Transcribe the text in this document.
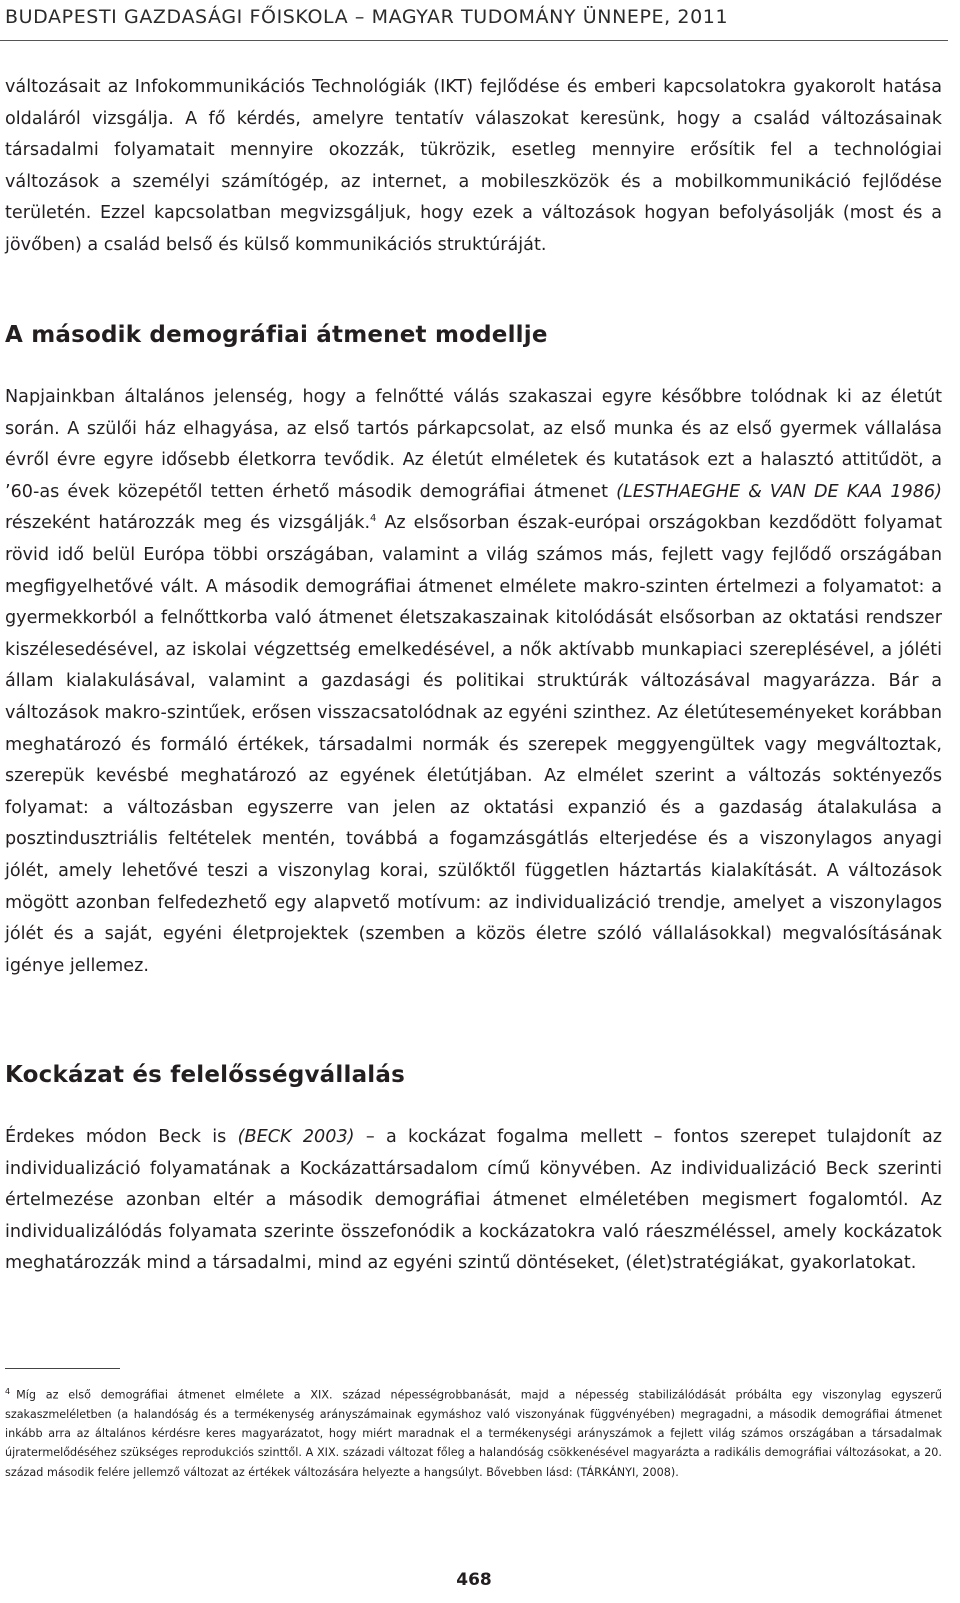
BUDAPESTI GAZDASÁGI FŐISKOLA – MAGYAR TUDOMÁNY ÜNNEPE, 2011

változásait az Infokommunikációs Technológiák (IKT) fejlődése és emberi kapcsolatokra gyakorolt hatása oldaláról vizsgálja. A fő kérdés, amelyre tentatív válaszokat keresünk, hogy a család változásainak társadalmi folyamatait mennyire okozzák, tükrözik, esetleg mennyire erősítik fel a technológiai változások a személyi számítógép, az internet, a mobileszközök és a mobilkommunikáció fejlődése területén. Ezzel kapcsolatban megvizsgáljuk, hogy ezek a változások hogyan befolyásolják (most és a jövőben) a család belső és külső kommunikációs struktúráját.

A második demográfiai átmenet modellje

Napjainkban általános jelenség, hogy a felnőtté válás szakaszai egyre későbbre tolódnak ki az életút során. A szülői ház elhagyása, az első tartós párkapcsolat, az első munka és az első gyermek vállalása évről évre egyre idősebb életkorra tevődik. Az életút elméletek és kutatások ezt a halasztó attitűdöt, a ’60-as évek közepétől tetten érhető második demográfiai átmenet (LESTHAEGHE & VAN DE KAA 1986) részeként határozzák meg és vizsgálják.$^4$ Az elsősorban észak-európai országokban kezdődött folyamat rövid idő belül Európa többi országában, valamint a világ számos más, fejlett vagy fejlődő országában megfigyelhetővé vált. A második demográfiai átmenet elmélete makro-szinten értelmezi a folyamatot: a gyermekkorból a felnőttkorba való átmenet életszakaszainak kitolódását elsősorban az oktatási rendszer kiszélesedésével, az iskolai végzettség emelkedésével, a nők aktívabb munkapiaci szereplésével, a jóléti állam kialakulásával, valamint a gazdasági és politikai struktúrák változásával magyarázza. Bár a változások makro-szintűek, erősen visszacsatolódnak az egyéni szinthez. Az életúteseményeket korábban meghatározó és formáló értékek, társadalmi normák és szerepek meggyengültek vagy megváltoztak, szerepük kevésbé meghatározó az egyének életútjában. Az elmélet szerint a változás soktényezős folyamat: a változásban egyszerre van jelen az oktatási expanzió és a gazdaság átalakulása a posztindusztriális feltételek mentén, továbbá a fogamzásgátlás elterjedése és a viszonylagos anyagi jólét, amely lehetővé teszi a viszonylag korai, szülőktől független háztartás kialakítását. A változások mögött azonban felfedezhető egy alapvető motívum: az individualizáció trendje, amelyet a viszonylagos jólét és a saját, egyéni életprojektek (szemben a közös életre szóló vállalásokkal) megvalósításának igénye jellemez.

Kockázat és felelősségvállalás

Érdekes módon Beck is (BECK 2003) – a kockázat fogalma mellett – fontos szerepet tulajdonít az individualizáció folyamatának a Kockázattársadalom című könyvében. Az individualizáció Beck szerinti értelmezése azonban eltér a második demográfiai átmenet elméletében megismert fogalomtól. Az individualizálódás folyamata szerinte összefonódik a kockázatokra való ráeszméléssel, amely kockázatok meghatározzák mind a társadalmi, mind az egyéni szintű döntéseket, (élet)stratégiákat, gyakorlatokat.

$^4$ Míg az első demográfiai átmenet elmélete a XIX. század népességrobbanását, majd a népesség stabilizálódását próbálta egy viszonylag egyszerű szakaszmeléletben (a halandóság és a termékenység arányszámainak egymáshoz való viszonyának függvényében) megragadni, a második demográfiai átmenet inkább arra az általános kérdésre keres magyarázatot, hogy miért maradnak el a termékenységi arányszámok a fejlett világ számos országában a társadalmak újratermelődéséhez szükséges reprodukciós szinttől. A XIX. századi változat főleg a halandóság csökkenésével magyarázta a radikális demográfiai változásokat, a 20. század második felére jellemző változat az értékek változására helyezte a hangsúlyt. Bővebben lásd: (TÁRKÁNYI, 2008).
468
